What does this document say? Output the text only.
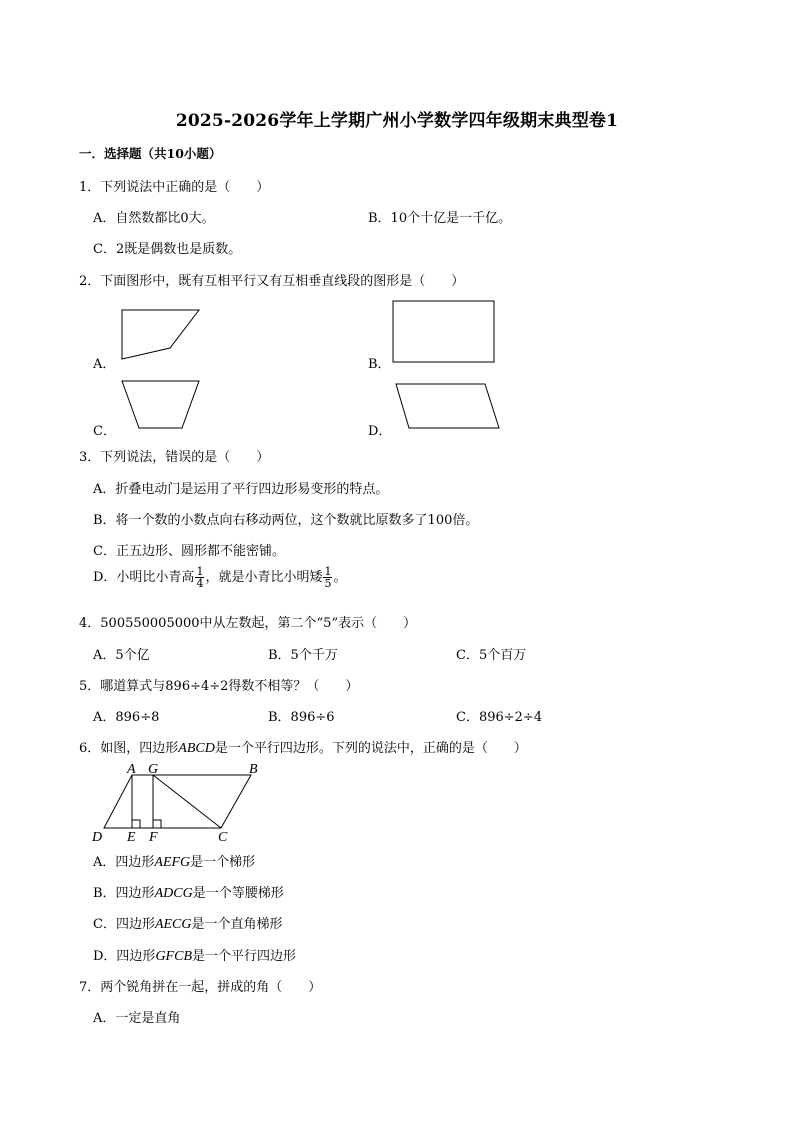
2025-2026学年上学期广州小学数学四年级期末典型卷1
一．选择题（共10小题）
1．下列说法中正确的是（　　）
A．自然数都比0大。	B．10个十亿是一千亿。
C．2既是偶数也是质数。
2．下面图形中，既有互相平行又有互相垂直线段的图形是（　　）
A．	B．
C．	D．
3．下列说法，错误的是（　　）
A．折叠电动门是运用了平行四边形易变形的特点。
B．将一个数的小数点向右移动两位，这个数就比原数多了100倍。
C．正五边形、圆形都不能密铺。
D．小明比小青高 $\frac{1}{4}$ ，就是小青比小明矮 $\frac{1}{5}$ 。
4．500550005000中从左数起，第二个“5”表示（　　）
A．5个亿	B．5个千万	C．5个百万
5．哪道算式与896÷4÷2得数不相等？（　　）
A．896÷8	B．896÷6	C．896÷2÷4
6．如图，四边形ABCD是一个平行四边形。下列的说法中，正确的是（　　）
A G	B
D E F	C
A．四边形AEFG是一个梯形
B．四边形ADCG是一个等腰梯形
C．四边形AECG是一个直角梯形
D．四边形GFCB是一个平行四边形
7．两个锐角拼在一起，拼成的角（　　）
A．一定是直角
